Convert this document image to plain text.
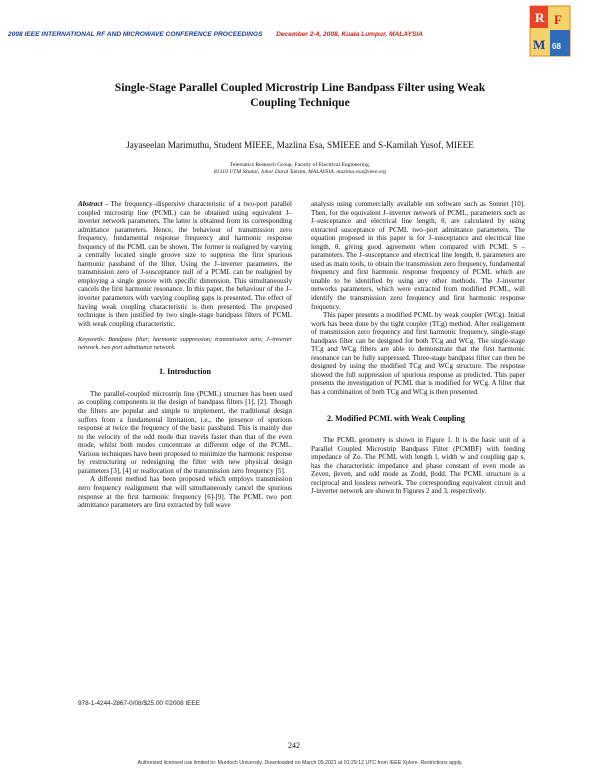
2008 IEEE INTERNATIONAL RF AND MICROWAVE CONFERENCE PROCEEDINGS December 2-4, 2008, Kuala Lumpur, MALAYSIA
R F
M 08
Single-Stage Parallel Coupled Microstrip Line Bandpass Filter using Weak
Coupling Technique
Jayaseelan Marimuthu, Student MIEEE, Mazlina Esa, SMIEEE and S-Kamilah Yusof, MIEEE
Telematics Research Group, Faculty of Electrical Engineering,
81310 UTM Skudai, Johor Darul Takzim, MALAYSIA. mazlina.esa@ieee.org

Abstract - The frequency–dispersive characteristic of a two-port parallel coupled microstrip line (PCML) can be obtained using equivalent J–inverter network parameters. The latter is obtained from its corresponding admittance parameters. Hence, the behaviour of transmission zero frequency, fundamental response frequency and harmonic response frequency of the PCML can be shown. The former is realigned by varying a centrally located single groove size to suppress the first spurious harmonic passband of the filter. Using the J–inverter parameters, the transmission zero of J-susceptance null of a PCML can be realigned by employing a single groove with specific dimension. This simultaneously cancels the first harmonic resonance. In this paper, the behaviour of the J–inverter parameters with varying coupling gaps is presented. The effect of having weak coupling characteristic is then presented. The proposed technique is then justified by two single-stage bandpass filters of PCML with weak coupling characteristic.

Keywords: Bandpass filter; harmonic suppression; transmission zero; J–inverter network, two port admittance network.

1. Introduction

The parallel-coupled microstrip line (PCML) structure has been used as coupling components in the design of bandpass filters [1], [2]. Though the filters are popular and simple to implement, the traditional design suffers from a fundamental limitation, i.e., the presence of spurious response at twice the frequency of the basic passband. This is mainly due to the velocity of the odd mode that travels faster than that of the even mode, whilst both modes concentrate at different edge of the PCML. Various techniques have been proposed to minimize the harmonic response by restructuring or redesigning the filter with new physical design parameters [3], [4] or reallocation of the transmission zero frequency [5].

A different method has been proposed which employs transmission zero frequency realignment that will simultaneously cancel the spurious response at the first harmonic frequency [6]-[9]. The PCML two port admittance parameters are first extracted by full wave

analysis using commercially available em software such as Sonnet [10]. Then, for the equivalent J–inverter network of PCML, parameters such as J–susceptance and electrical line length, θ, are calculated by using extracted susceptance of PCML two–port admittance parameters. The equation proposed in this paper is for J–susceptance and electrical line length, θ, giving good agreement when compared with PCML S – parameters. The J–susceptance and electrical line length, θ, parameters are used as main tools, to obtain the transmission zero frequency, fundamental frequency and first harmonic response frequency of PCML which are unable to be identified by using any other methods. The J–inverter networks parameters, which were extracted from modified PCML, will identify the transmission zero frequency and first harmonic response frequency.

This paper presents a modified PCML by weak coupler (WCg). Initial work has been done by the tight coupler (TCg) method. After realignment of transmission zero frequency and first harmonic frequency, single-stage bandpass filter can be designed for both TCg and WCg. The single-stage TCg and WCg filters are able to demonstrate that the first harmonic resonance can be fully suppressed. Three-stage bandpass filter can then be designed by using the modified TCg and WCg structure. The response showed the full suppression of spurious response as predicted. This paper presents the investigation of PCML that is modified for WCg. A filter that has a combination of both TCg and WCg is then presented.

2. Modified PCML with Weak Coupling

The PCML geometry is shown in Figure 1. It is the basic unit of a Parallel Coupled Microstrip Bandpass Filter (PCMBF) with feeding impedance of Zo. The PCML with length l, width w and coupling gap s, has the characteristic impedance and phase constant of even mode as Zeven, βeven, and odd mode as Zodd, βodd. The PCML structure is a reciprocal and lossless network. The corresponding equivalent circuit and J-inverter network are shown in Figures 2 and 3, respectively.

978-1-4244-2867-0/08/$25.00 ©2008 IEEE
242
Authorized licensed use limited to: Murdoch University. Downloaded on March 05,2021 at 01:29:12 UTC from IEEE Xplore. Restrictions apply.
